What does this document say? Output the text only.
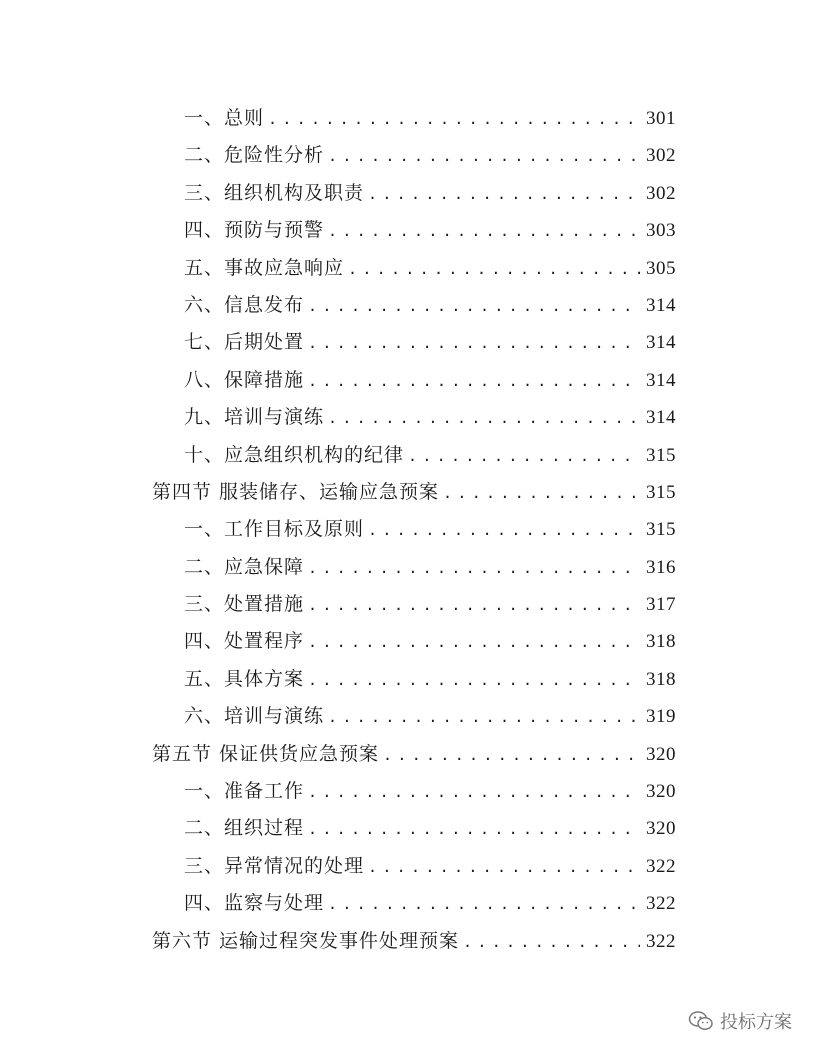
一、总则 .....	301
二、危险性分析 .....	302
三、组织机构及职责 .....	302
四、预防与预警 .....	303
五、事故应急响应 .....	305
六、信息发布 .....	314
七、后期处置 .....	314
八、保障措施 .....	314
九、培训与演练 .....	314
十、应急组织机构的纪律 .....	315
第四节 服装储存、运输应急预案 .....	315
一、工作目标及原则 .....	315
二、应急保障 .....	316
三、处置措施 .....	317
四、处置程序 .....	318
五、具体方案 .....	318
六、培训与演练 .....	319
第五节 保证供货应急预案 .....	320
一、准备工作 .....	320
二、组织过程 .....	320
三、异常情况的处理 .....	322
四、监察与处理 .....	322
第六节 运输过程突发事件处理预案 .....	322
投标方案
